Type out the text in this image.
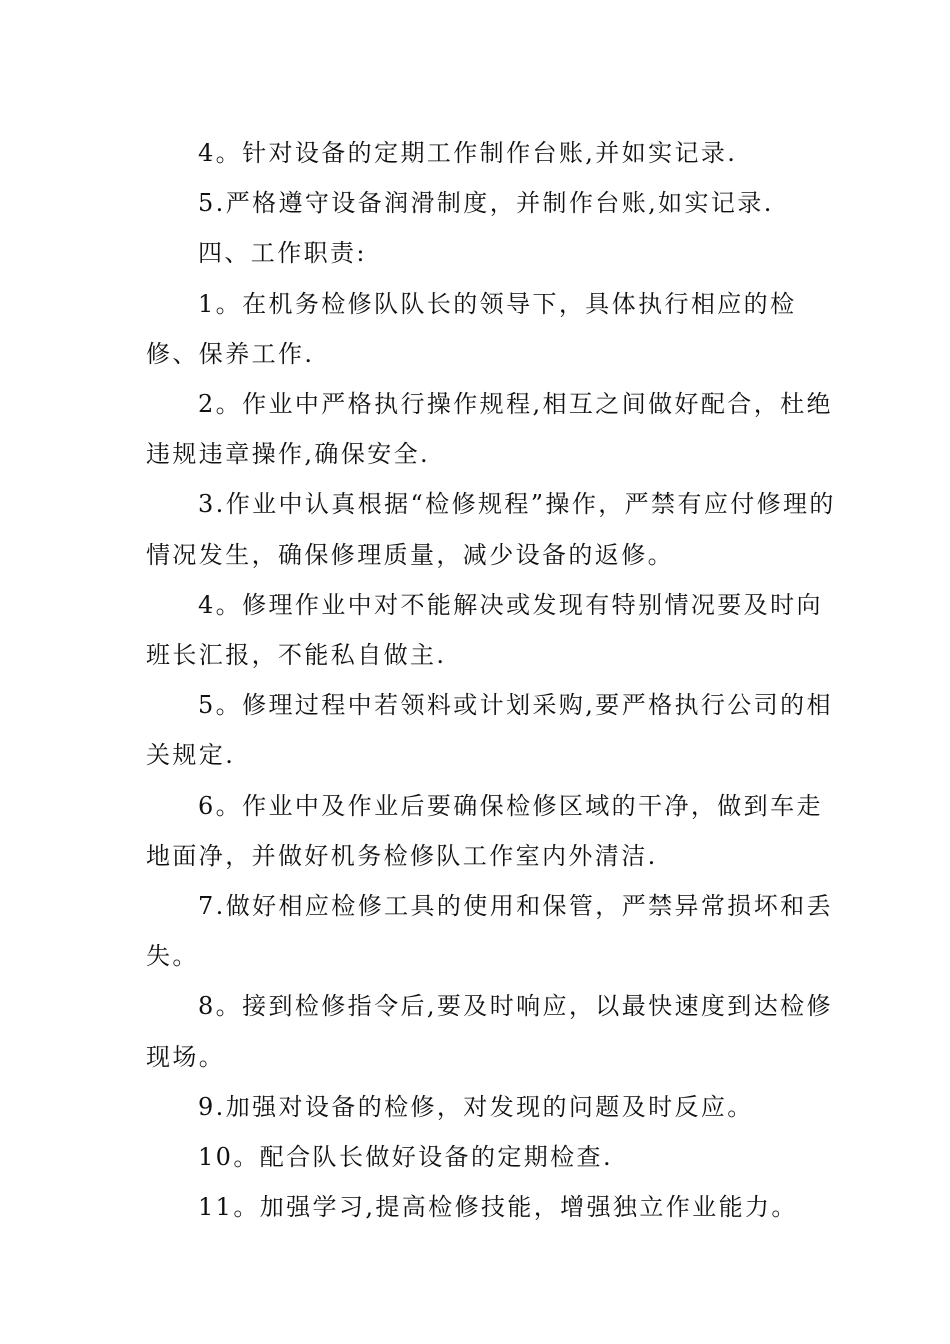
4。针对设备的定期工作制作台账,并如实记录.

5.严格遵守设备润滑制度，并制作台账,如实记录.

四、工作职责:

1。在机务检修队队长的领导下，具体执行相应的检修、保养工作.

2。作业中严格执行操作规程,相互之间做好配合，杜绝违规违章操作,确保安全.

3.作业中认真根据“检修规程”操作，严禁有应付修理的情况发生，确保修理质量，减少设备的返修。

4。修理作业中对不能解决或发现有特别情况要及时向班长汇报，不能私自做主.

5。修理过程中若领料或计划采购,要严格执行公司的相关规定.

6。作业中及作业后要确保检修区域的干净，做到车走地面净，并做好机务检修队工作室内外清洁.

7.做好相应检修工具的使用和保管，严禁异常损坏和丢失。

8。接到检修指令后,要及时响应，以最快速度到达检修现场。

9.加强对设备的检修，对发现的问题及时反应。

10。配合队长做好设备的定期检查.

11。加强学习,提高检修技能，增强独立作业能力。
